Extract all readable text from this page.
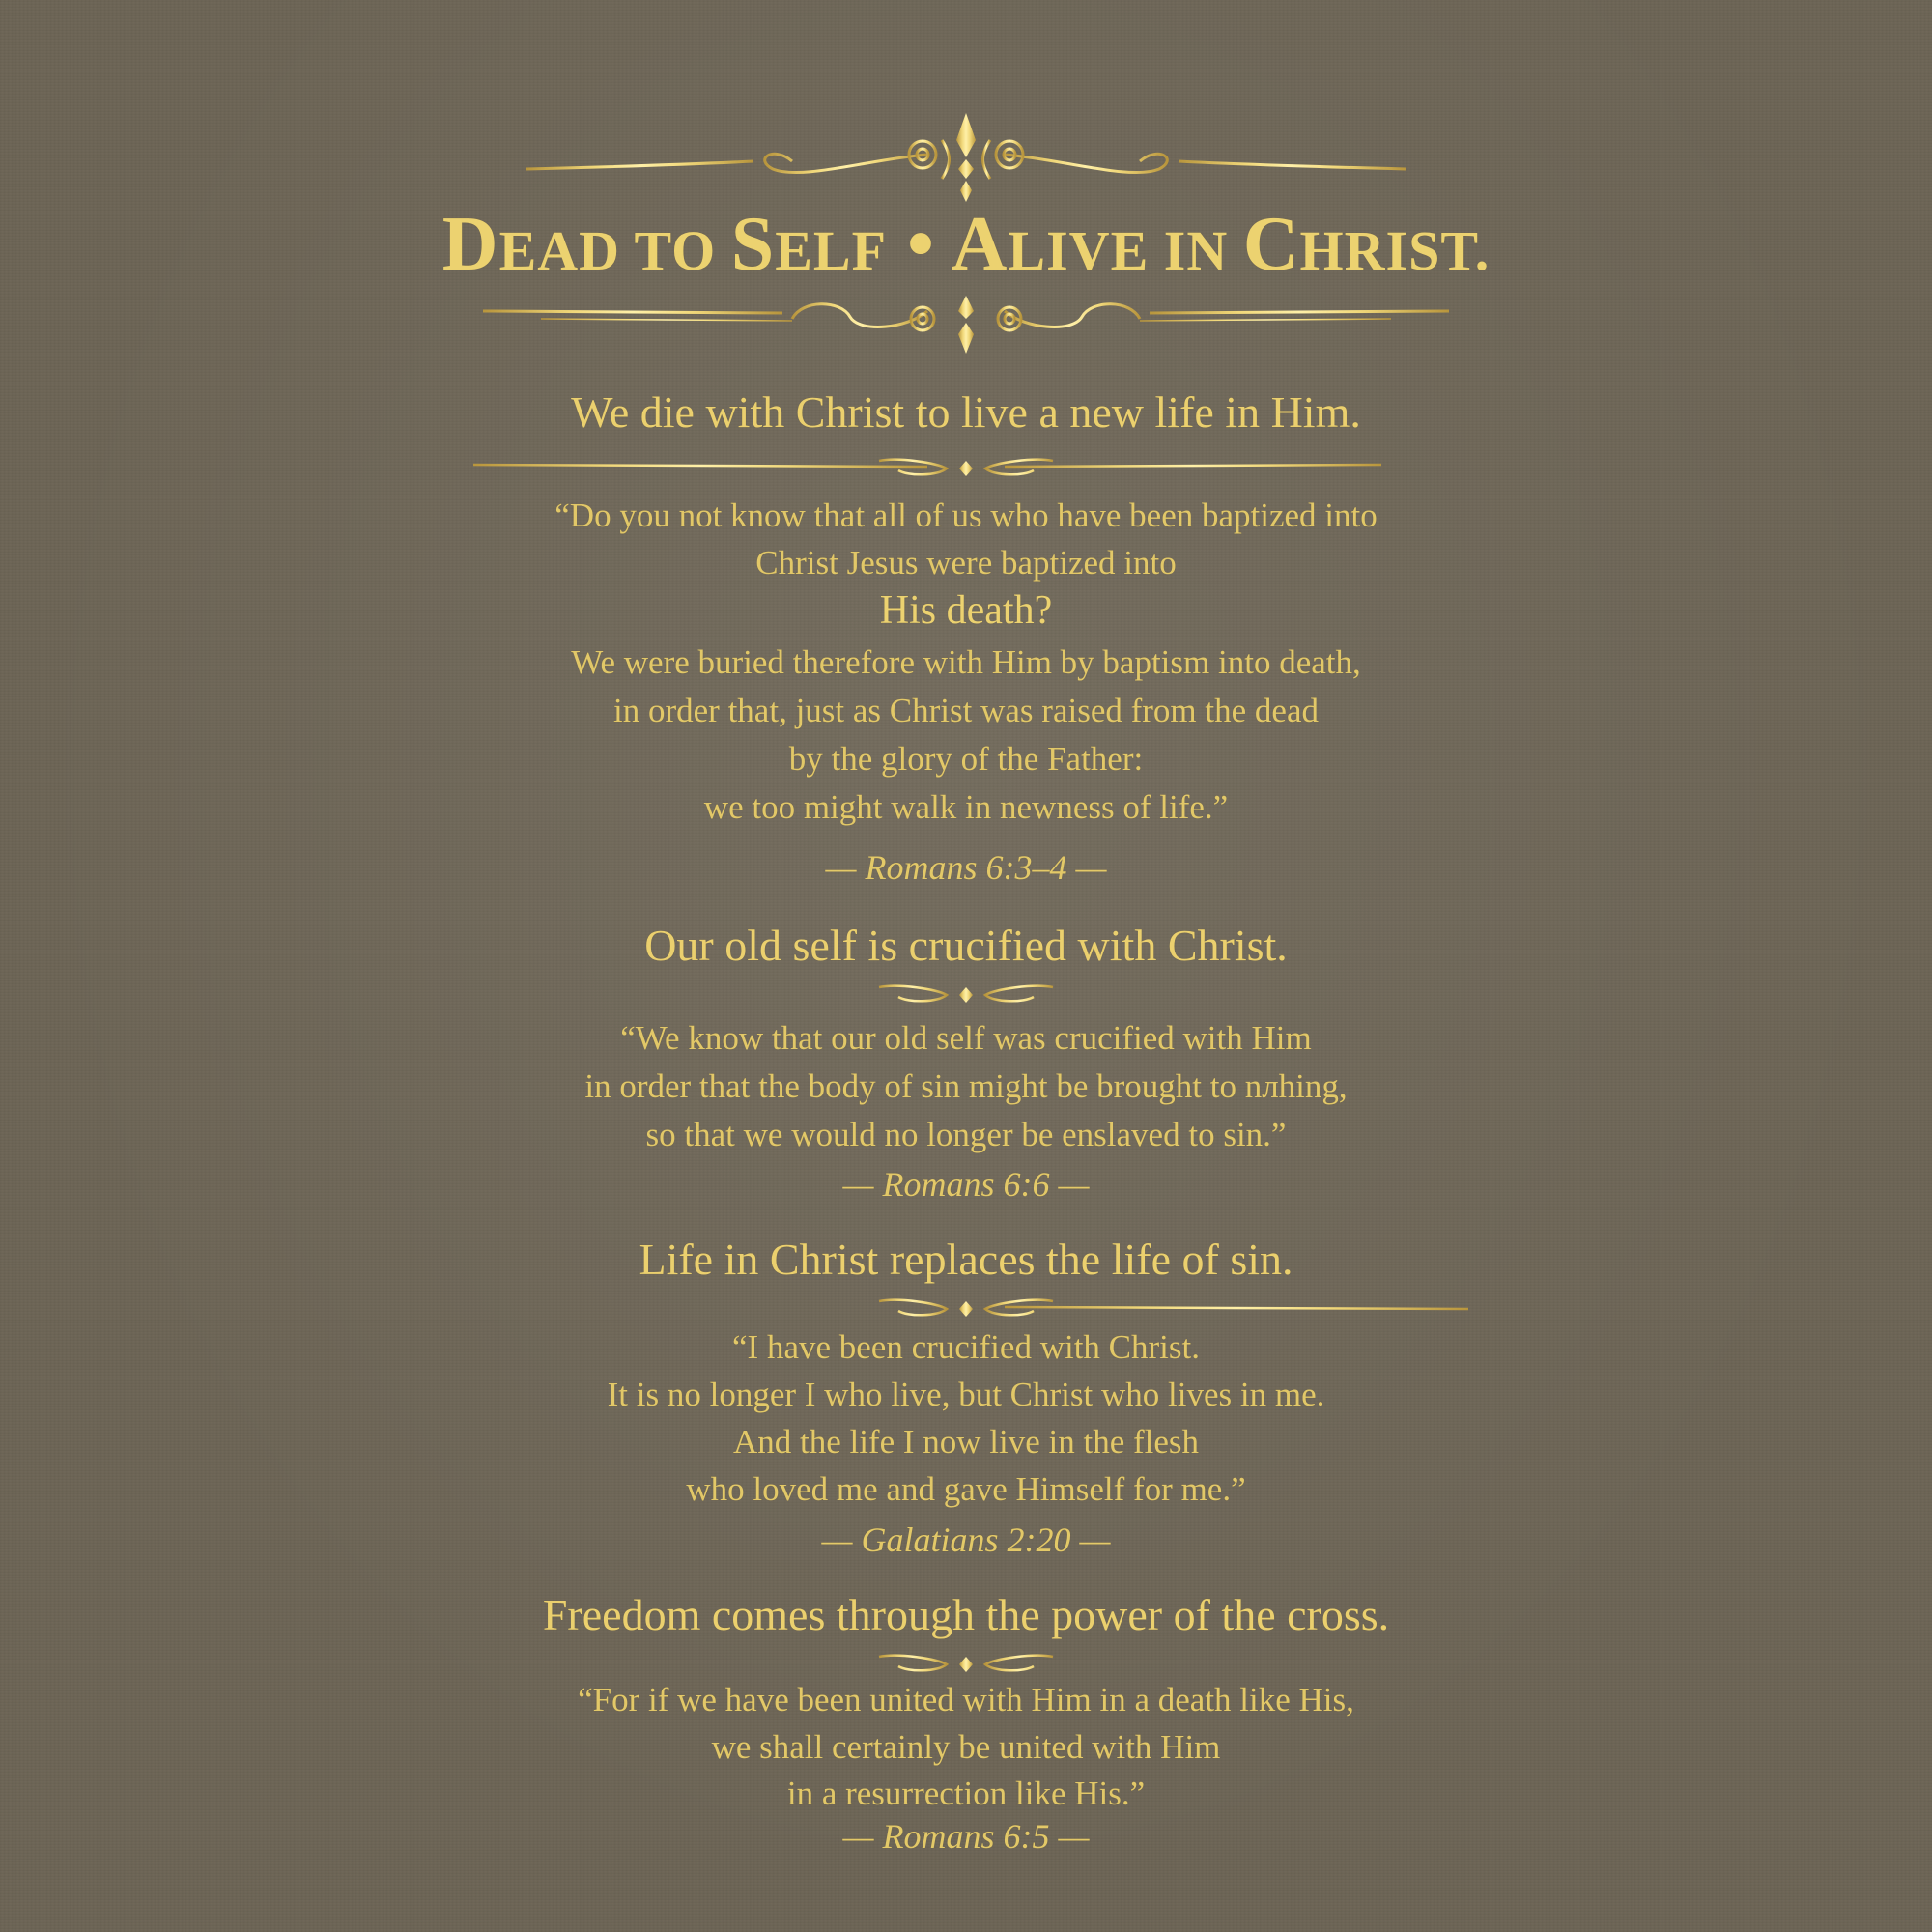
DEAD TO SELF • ALIVE IN CHRIST.
We die with Christ to live a new life in Him.
“Do you not know that all of us who have been baptized into
Christ Jesus were baptized into
His death?
We were buried therefore with Him by baptism into death,
in order that, just as Christ was raised from the dead
by the glory of the Father:
we too might walk in newness of life.”
— Romans 6:3–4 —
Our old self is crucified with Christ.
“We know that our old self was crucified with Him
in order that the body of sin might be brought to nлhing,
so that we would no longer be enslaved to sin.”
— Romans 6:6 —
Life in Christ replaces the life of sin.
“I have been crucified with Christ.
It is no longer I who live, but Christ who lives in me.
And the life I now live in the flesh
who loved me and gave Himself for me.”
— Galatians 2:20 —
Freedom comes through the power of the cross.
“For if we have been united with Him in a death like His,
we shall certainly be united with Him
in a resurrection like His.”
— Romans 6:5 —
